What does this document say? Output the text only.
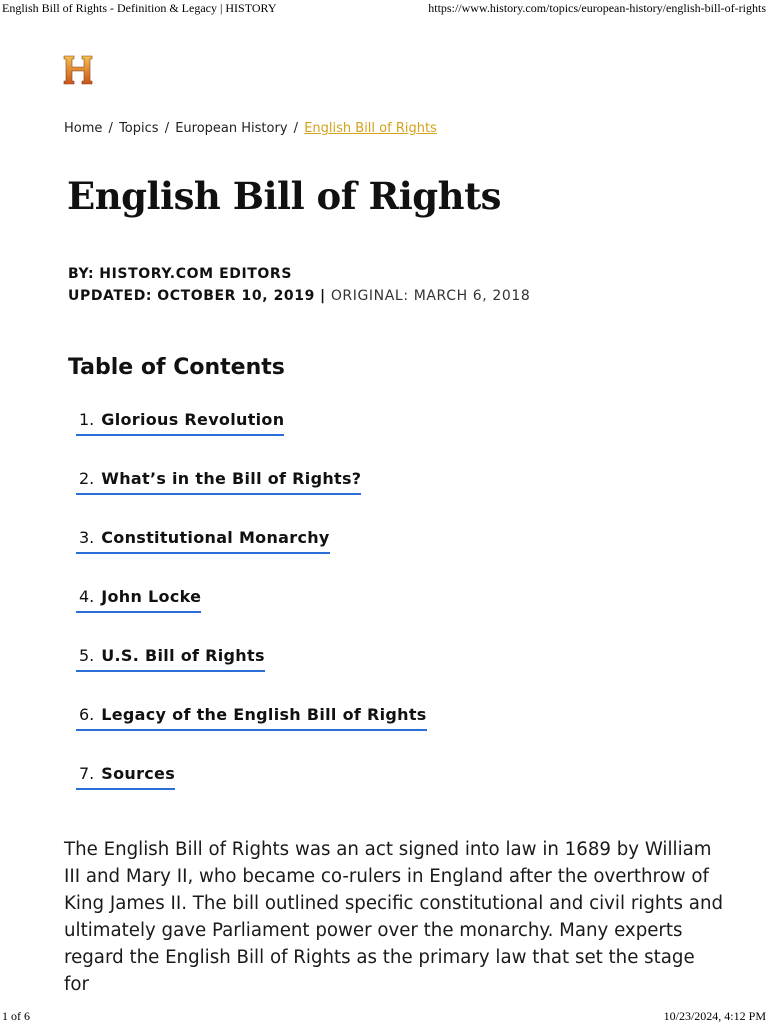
English Bill of Rights - Definition & Legacy | HISTORY	https://www.history.com/topics/european-history/english-bill-of-rights
Home / Topics / European History / English Bill of Rights
English Bill of Rights
BY: HISTORY.COM EDITORS
UPDATED: OCTOBER 10, 2019 | ORIGINAL: MARCH 6, 2018
Table of Contents
1. Glorious Revolution
2. What’s in the Bill of Rights?
3. Constitutional Monarchy
4. John Locke
5. U.S. Bill of Rights
6. Legacy of the English Bill of Rights
7. Sources

The English Bill of Rights was an act signed into law in 1689 by William III and Mary II, who became co-rulers in England after the overthrow of King James II. The bill outlined specific constitutional and civil rights and ultimately gave Parliament power over the monarchy. Many experts regard the English Bill of Rights as the primary law that set the stage for

1 of 6	10/23/2024, 4:12 PM
